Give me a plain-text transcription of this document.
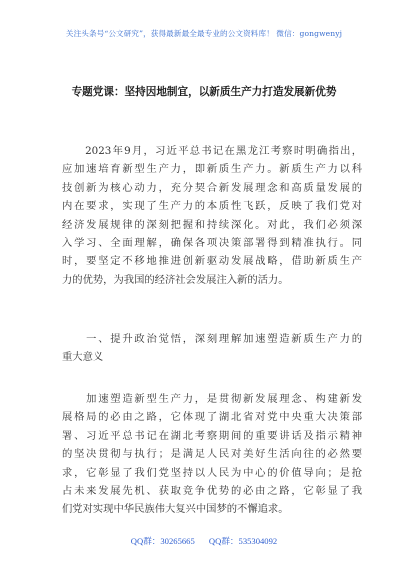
关注头条号“公文研究”，获得最新最全最专业的公文资料库！ 微信：gongwenyj
专题党课：坚持因地制宜，以新质生产力打造发展新优势
　　2023年9月，习近平总书记在黑龙江考察时明确指出，
应加速培育新型生产力，即新质生产力。新质生产力以科
技创新为核心动力，充分契合新发展理念和高质量发展的
内在要求，实现了生产力的本质性飞跃，反映了我们党对
经济发展规律的深刻把握和持续深化。对此，我们必须深
入学习、全面理解，确保各项决策部署得到精准执行。同
时，要坚定不移地推进创新驱动发展战略，借助新质生产
力的优势，为我国的经济社会发展注入新的活力。
　　一、提升政治觉悟，深刻理解加速塑造新质生产力的
重大意义
　　加速塑造新型生产力，是贯彻新发展理念、构建新发
展格局的必由之路，它体现了湖北省对党中央重大决策部
署、习近平总书记在湖北考察期间的重要讲话及指示精神
的坚决贯彻与执行；是满足人民对美好生活向往的必然要
求，它彰显了我们党坚持以人民为中心的价值导向；是抢
占未来发展先机、获取竞争优势的必由之路，它彰显了我
们党对实现中华民族伟大复兴中国梦的不懈追求。
QQ群：30265665 QQ群：535304092
